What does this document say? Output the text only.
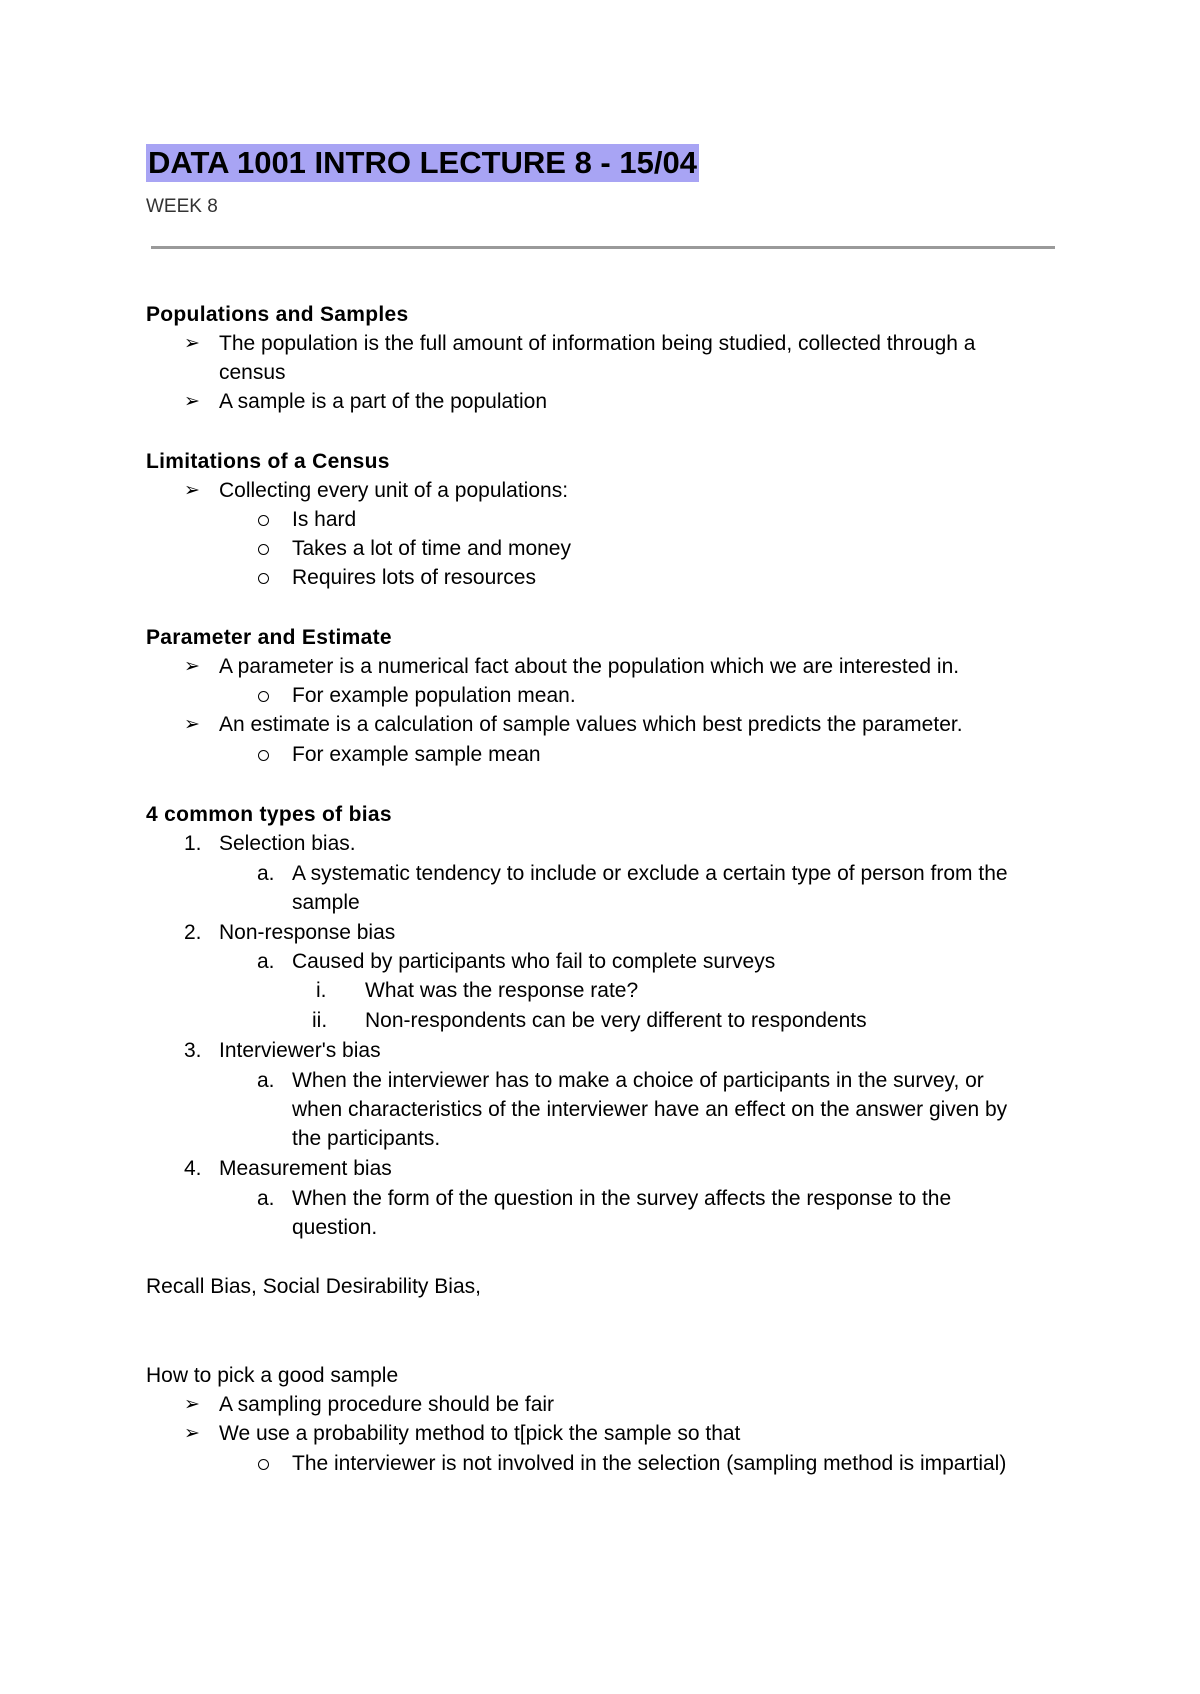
DATA 1001 INTRO LECTURE 8 - 15/04
WEEK 8
Populations and Samples
➢ The population is the full amount of information being studied, collected through a
census
➢ A sample is a part of the population
Limitations of a Census
➢ Collecting every unit of a populations:
Is hard
Takes a lot of time and money
Requires lots of resources
Parameter and Estimate
➢ A parameter is a numerical fact about the population which we are interested in.
For example population mean.
➢ An estimate is a calculation of sample values which best predicts the parameter.
For example sample mean
4 common types of bias
1. Selection bias.
a. A systematic tendency to include or exclude a certain type of person from the
sample
2. Non-response bias
a. Caused by participants who fail to complete surveys
i. What was the response rate?
ii. Non-respondents can be very different to respondents
3. Interviewer's bias
a. When the interviewer has to make a choice of participants in the survey, or
when characteristics of the interviewer have an effect on the answer given by
the participants.
4. Measurement bias
a. When the form of the question in the survey affects the response to the
question.
Recall Bias, Social Desirability Bias,
How to pick a good sample
➢ A sampling procedure should be fair
➢ We use a probability method to t[pick the sample so that
The interviewer is not involved in the selection (sampling method is impartial)
